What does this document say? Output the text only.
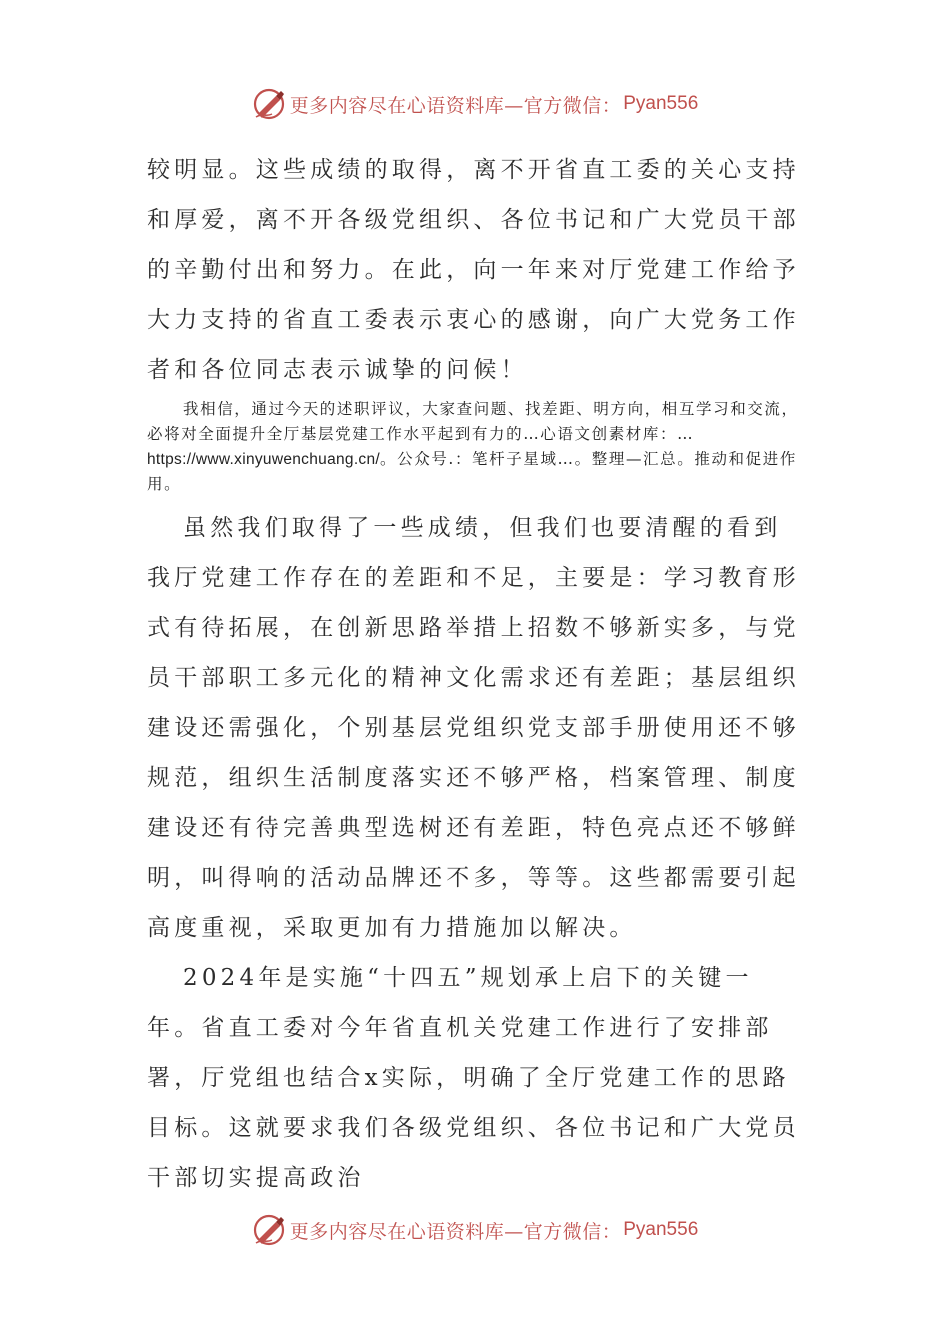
更多内容尽在心语资料库—官方微信： Pyan556

较明显。这些成绩的取得，离不开省直工委的关心支持和厚爱，离不开各级党组织、各位书记和广大党员干部的辛勤付出和努力。在此，向一年来对厅党建工作给予大力支持的省直工委表示衷心的感谢，向广大党务工作者和各位同志表示诚挚的问候！

我相信，通过今天的述职评议，大家查问题、找差距、明方向，相互学习和交流，必将对全面提升全厅基层党建工作水平起到有力的…心语文创素材库：…https://www.xinyuwenchuang.cn/。公众号.：笔杆子星域…。整理—汇总。推动和促进作用。

虽然我们取得了一些成绩，但我们也要清醒的看到我厅党建工作存在的差距和不足，主要是：学习教育形式有待拓展，在创新思路举措上招数不够新实多，与党员干部职工多元化的精神文化需求还有差距；基层组织建设还需强化，个别基层党组织党支部手册使用还不够规范，组织生活制度落实还不够严格，档案管理、制度建设还有待完善典型选树还有差距，特色亮点还不够鲜明，叫得响的活动品牌还不多，等等。这些都需要引起高度重视，采取更加有力措施加以解决。

2024年是实施“十四五”规划承上启下的关键一年。省直工委对今年省直机关党建工作进行了安排部署，厅党组也结合x实际，明确了全厅党建工作的思路目标。这就要求我们各级党组织、各位书记和广大党员干部切实提高政治

更多内容尽在心语资料库—官方微信： Pyan556
